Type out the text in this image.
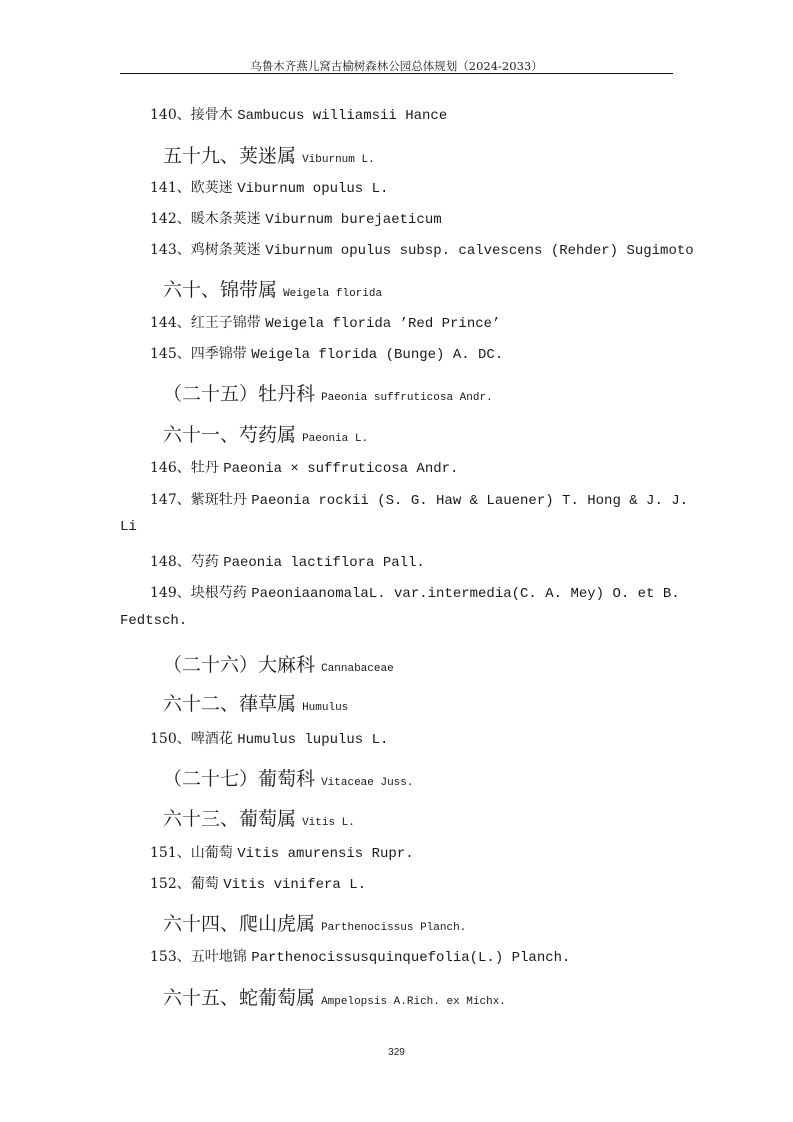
乌鲁木齐燕儿窝古榆树森林公园总体规划（2024-2033）
140、接骨木 Sambucus williamsii Hance
五十九、荚迷属 Viburnum L.
141、欧荚迷 Viburnum opulus L.
142、暖木条荚迷 Viburnum burejaeticum
143、鸡树条荚迷 Viburnum opulus subsp. calvescens (Rehder) Sugimoto
六十、锦带属 Weigela florida
144、红王子锦带 Weigela florida ’Red Prince’
145、四季锦带 Weigela florida (Bunge) A. DC.
（二十五）牡丹科 Paeonia suffruticosa Andr.
六十一、芍药属 Paeonia L.
146、牡丹 Paeonia × suffruticosa Andr.
147、紫斑牡丹 Paeonia rockii (S. G. Haw & Lauener) T. Hong & J. J.
Li
148、芍药 Paeonia lactiflora Pall.
149、块根芍药 PaeoniaanomalaL. var.intermedia(C. A. Mey) O. et B.
Fedtsch.
（二十六）大麻科 Cannabaceae
六十二、葎草属 Humulus
150、啤酒花 Humulus lupulus L.
（二十七）葡萄科 Vitaceae Juss.
六十三、葡萄属 Vitis L.
151、山葡萄 Vitis amurensis Rupr.
152、葡萄 Vitis vinifera L.
六十四、爬山虎属 Parthenocissus Planch.
153、五叶地锦 Parthenocissusquinquefolia(L.) Planch.
六十五、蛇葡萄属 Ampelopsis A.Rich. ex Michx.
329
